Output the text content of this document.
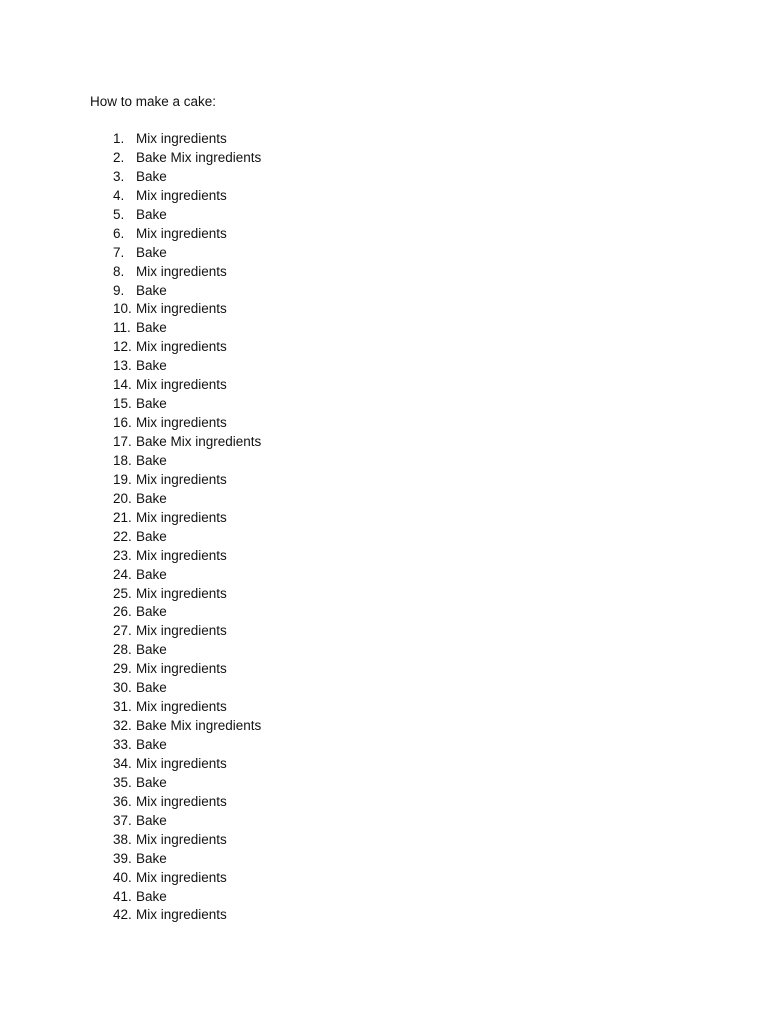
How to make a cake:
1. Mix ingredients
2. Bake Mix ingredients
3. Bake
4. Mix ingredients
5. Bake
6. Mix ingredients
7. Bake
8. Mix ingredients
9. Bake
10. Mix ingredients
11. Bake
12. Mix ingredients
13. Bake
14. Mix ingredients
15. Bake
16. Mix ingredients
17. Bake Mix ingredients
18. Bake
19. Mix ingredients
20. Bake
21. Mix ingredients
22. Bake
23. Mix ingredients
24. Bake
25. Mix ingredients
26. Bake
27. Mix ingredients
28. Bake
29. Mix ingredients
30. Bake
31. Mix ingredients
32. Bake Mix ingredients
33. Bake
34. Mix ingredients
35. Bake
36. Mix ingredients
37. Bake
38. Mix ingredients
39. Bake
40. Mix ingredients
41. Bake
42. Mix ingredients
